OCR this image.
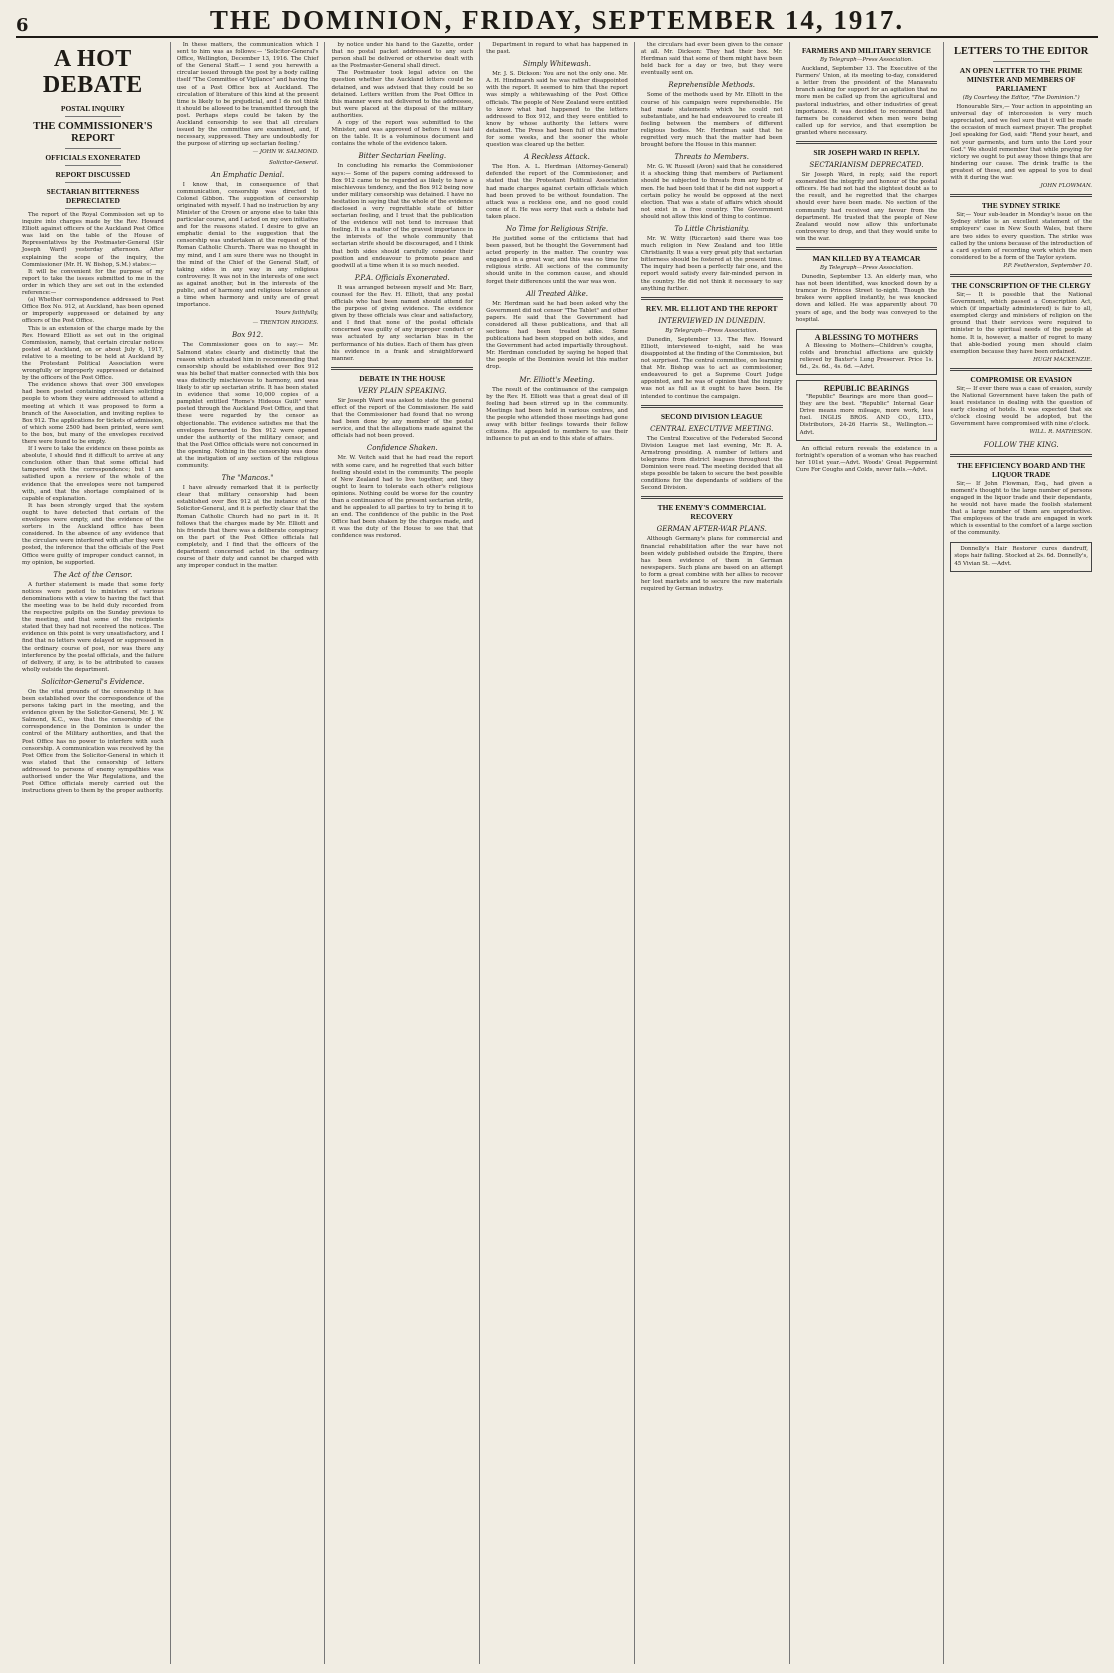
6	THE DOMINION, FRIDAY, SEPTEMBER 14, 1917.
A HOT DEBATE
POSTAL INQUIRY
THE COMMISSIONER'S REPORT
OFFICIALS EXONERATED
REPORT DISCUSSED
SECTARIAN BITTERNESS DEPRECIATED

The report of the Royal Commission set up to inquire into charges made by the Rev. Howard Elliott against officers of the Auckland Post Office was laid on the table of the House of Representatives by the Postmaster-General (Sir Joseph Ward) yesterday afternoon. After explaining the scope of the inquiry, the Commissioner (Mr. H. W. Bishop, S.M.) states:—

It will be convenient for the purpose of my report to take the issues submitted to me in the order in which they are set out in the extended reference:—

(a) Whether correspondence addressed to Post Office Box No. 912, at Auckland, has been opened or improperly suppressed or detained by any officers of the Post Office.

This is an extension of the charge made by the Rev. Howard Elliott as set out in the original Commission, namely, that certain circular notices posted at Auckland, on or about July 6, 1917, relative to a meeting to be held at Auckland by the Protestant Political Association were wrongfully or improperly suppressed or detained by the officers of the Post Office.

The evidence shows that over 300 envelopes had been posted containing circulars soliciting people to whom they were addressed to attend a meeting at which it was proposed to form a branch of the Association, and inviting replies to Box 912. The applications for tickets of admission, of which some 2500 had been printed, were sent to the box, but many of the envelopes received there were found to be empty.

If I were to take the evidence on these points as absolute, I should find it difficult to arrive at any conclusion other than that some official had tampered with the correspondence; but I am satisfied upon a review of the whole of the evidence that the envelopes were not tampered with, and that the shortage complained of is capable of explanation.

It has been strongly urged that the system ought to have detected that certain of the envelopes were empty, and the evidence of the sorters in the Auckland office has been considered. In the absence of any evidence that the circulars were interfered with after they were posted, the inference that the officials of the Post Office were guilty of improper conduct cannot, in my opinion, be supported.

The Act of the Censor.

A further statement is made that some forty notices were posted to ministers of various denominations with a view to having the fact that the meeting was to be held duly recorded from the respective pulpits on the Sunday previous to the meeting, and that some of the recipients stated that they had not received the notices. The evidence on this point is very unsatisfactory, and I find that no letters were delayed or suppressed in the ordinary course of post, nor was there any interference by the postal officials, and the failure of delivery, if any, is to be attributed to causes wholly outside the department.

Solicitor-General's Evidence.

On the vital grounds of the censorship it has been established over the correspondence of the persons taking part in the meeting, and the evidence given by the Solicitor-General, Mr. J. W. Salmond, K.C., was that the censorship of the correspondence in the Dominion is under the control of the Military authorities, and that the Post Office has no power to interfere with such censorship. A communication was received by the Post Office from the Solicitor-General in which it was stated that the censorship of letters addressed to persons of enemy sympathies was authorised under the War Regulations, and the Post Office officials merely carried out the instructions given to them by the proper authority.

In these matters, the communication which I sent to him was as follows:— 'Solicitor-General's Office, Wellington, December 13, 1916. The Chief of the General Staff.— I send you herewith a circular issued through the post by a body calling itself "The Committee of Vigilance" and having the use of a Post Office box at Auckland. The circulation of literature of this kind at the present time is likely to be prejudicial, and I do not think it should be allowed to be transmitted through the post. Perhaps steps could be taken by the Auckland censorship to see that all circulars issued by the committee are examined, and, if necessary, suppressed. They are undoubtedly for the purpose of stirring up sectarian feeling.'

— JOHN W. SALMOND.
Solicitor-General.
An Emphatic Denial.

I know that, in consequence of that communication, censorship was directed to Colonel Gibbon. The suggestion of censorship originated with myself. I had no instruction by any Minister of the Crown or anyone else to take this particular course, and I acted on my own initiative and for the reasons stated. I desire to give an emphatic denial to the suggestion that the censorship was undertaken at the request of the Roman Catholic Church. There was no thought in my mind, and I am sure there was no thought in the mind of the Chief of the General Staff, of taking sides in any way in any religious controversy. It was not in the interests of one sect as against another, but in the interests of the public, and of harmony and religious tolerance at a time when harmony and unity are of great importance.

Yours faithfully,
— TRENTON RHODES.
Box 912.

The Commissioner goes on to say:— Mr. Salmond states clearly and distinctly that the reason which actuated him in recommending that censorship should be established over Box 912 was his belief that matter connected with this box was distinctly mischievous to harmony, and was likely to stir up sectarian strife. It has been stated in evidence that some 10,000 copies of a pamphlet entitled "Rome's Hideous Guilt" were posted through the Auckland Post Office, and that these were regarded by the censor as objectionable. The evidence satisfies me that the envelopes forwarded to Box 912 were opened under the authority of the military censor, and that the Post Office officials were not concerned in the opening. Nothing in the censorship was done at the instigation of any section of the religious community.

The "Mancos."

I have already remarked that it is perfectly clear that military censorship had been established over Box 912 at the instance of the Solicitor-General, and it is perfectly clear that the Roman Catholic Church had no part in it. It follows that the charges made by Mr. Elliott and his friends that there was a deliberate conspiracy on the part of the Post Office officials fail completely, and I find that the officers of the department concerned acted in the ordinary course of their duty and cannot be charged with any improper conduct in the matter.

by notice under his hand to the Gazette, order that no postal packet addressed to any such person shall be delivered or otherwise dealt with as the Postmaster-General shall direct.

The Postmaster took legal advice on the question whether the Auckland letters could be detained, and was advised that they could be so detained. Letters written from the Post Office in this manner were not delivered to the addressee, but were placed at the disposal of the military authorities.

A copy of the report was submitted to the Minister, and was approved of before it was laid on the table. It is a voluminous document and contains the whole of the evidence taken.

Bitter Sectarian Feeling.

In concluding his remarks the Commissioner says:— Some of the papers coming addressed to Box 912 came to be regarded as likely to have a mischievous tendency, and the Box 912 being now under military censorship was detained. I have no hesitation in saying that the whole of the evidence disclosed a very regrettable state of bitter sectarian feeling, and I trust that the publication of the evidence will not tend to increase that feeling. It is a matter of the gravest importance in the interests of the whole community that sectarian strife should be discouraged, and I think that both sides should carefully consider their position and endeavour to promote peace and goodwill at a time when it is so much needed.

P.P.A. Officials Exonerated.

It was arranged between myself and Mr. Barr, counsel for the Rev. H. Elliott, that any postal officials who had been named should attend for the purpose of giving evidence. The evidence given by these officials was clear and satisfactory, and I find that none of the postal officials concerned was guilty of any improper conduct or was actuated by any sectarian bias in the performance of his duties. Each of them has given his evidence in a frank and straightforward manner.

DEBATE IN THE HOUSE
VERY PLAIN SPEAKING.

Sir Joseph Ward was asked to state the general effect of the report of the Commissioner. He said that the Commissioner had found that no wrong had been done by any member of the postal service, and that the allegations made against the officials had not been proved.

Confidence Shaken.

Mr. W. Veitch said that he had read the report with some care, and he regretted that such bitter feeling should exist in the community. The people of New Zealand had to live together, and they ought to learn to tolerate each other's religious opinions. Nothing could be worse for the country than a continuance of the present sectarian strife, and he appealed to all parties to try to bring it to an end. The confidence of the public in the Post Office had been shaken by the charges made, and it was the duty of the House to see that that confidence was restored.

Department in regard to what has happened in the past.

Simply Whitewash.

Mr. J. S. Dickson: You are not the only one. Mr. A. H. Hindmarsh said he was rather disappointed with the report. It seemed to him that the report was simply a whitewashing of the Post Office officials. The people of New Zealand were entitled to know what had happened to the letters addressed to Box 912, and they were entitled to know by whose authority the letters were detained. The Press had been full of this matter for some weeks, and the sooner the whole question was cleared up the better.

A Reckless Attack.

The Hon. A. L. Herdman (Attorney-General) defended the report of the Commissioner, and stated that the Protestant Political Association had made charges against certain officials which had been proved to be without foundation. The attack was a reckless one, and no good could come of it. He was sorry that such a debate had taken place.

No Time for Religious Strife.

He justified some of the criticisms that had been passed, but he thought the Government had acted properly in the matter. The country was engaged in a great war, and this was no time for religious strife. All sections of the community should unite in the common cause, and should forget their differences until the war was won.

All Treated Alike.

Mr. Herdman said he had been asked why the Government did not censor "The Tablet" and other papers. He said that the Government had considered all these publications, and that all sections had been treated alike. Some publications had been stopped on both sides, and the Government had acted impartially throughout. Mr. Herdman concluded by saying he hoped that the people of the Dominion would let this matter drop.

Mr. Elliott's Meeting.

The result of the continuance of the campaign by the Rev. H. Elliott was that a great deal of ill feeling had been stirred up in the community. Meetings had been held in various centres, and the people who attended those meetings had gone away with bitter feelings towards their fellow citizens. He appealed to members to use their influence to put an end to this state of affairs.

the circulars had ever been given to the censor at all. Mr. Dickson: They had their box. Mr. Herdman said that some of them might have been held back for a day or two, but they were eventually sent on.

Reprehensible Methods.

Some of the methods used by Mr. Elliott in the course of his campaign were reprehensible. He had made statements which he could not substantiate, and he had endeavoured to create ill feeling between the members of different religious bodies. Mr. Herdman said that he regretted very much that the matter had been brought before the House in this manner.

Threats to Members.

Mr. G. W. Russell (Avon) said that he considered it a shocking thing that members of Parliament should be subjected to threats from any body of men. He had been told that if he did not support a certain policy he would be opposed at the next election. That was a state of affairs which should not exist in a free country. The Government should not allow this kind of thing to continue.

To Little Christianity.

Mr. W. Witty (Riccarton) said there was too much religion in New Zealand and too little Christianity. It was a very great pity that sectarian bitterness should be fostered at the present time. The inquiry had been a perfectly fair one, and the report would satisfy every fair-minded person in the country. He did not think it necessary to say anything further.

REV. MR. ELLIOT AND THE REPORT
INTERVIEWED IN DUNEDIN.
By Telegraph—Press Association.

Dunedin, September 13. The Rev. Howard Elliott, interviewed to-night, said he was disappointed at the finding of the Commission, but not surprised. The central committee, on learning that Mr. Bishop was to act as commissioner, endeavoured to get a Supreme Court Judge appointed, and he was of opinion that the inquiry was not as full as it ought to have been. He intended to continue the campaign.

SECOND DIVISION LEAGUE
CENTRAL EXECUTIVE MEETING.

The Central Executive of the Federated Second Division League met last evening, Mr. R. A. Armstrong presiding. A number of letters and telegrams from district leagues throughout the Dominion were read. The meeting decided that all steps possible be taken to secure the best possible conditions for the dependants of soldiers of the Second Division.

THE ENEMY'S COMMERCIAL RECOVERY
GERMAN AFTER-WAR PLANS.

Although Germany's plans for commercial and financial rehabilitation after the war have not been widely published outside the Empire, there has been evidence of them in German newspapers. Such plans are based on an attempt to form a great combine with her allies to recover her lost markets and to secure the raw materials required by German industry.

FARMERS AND MILITARY SERVICE
By Telegraph—Press Association.

Auckland, September 13. The Executive of the Farmers' Union, at its meeting to-day, considered a letter from the president of the Manawatu branch asking for support for an agitation that no more men be called up from the agricultural and pastoral industries, and other industries of great importance. It was decided to recommend that farmers be considered when men were being called up for service, and that exemption be granted where necessary.

SIR JOSEPH WARD IN REPLY.
SECTARIANISM DEPRECATED.

Sir Joseph Ward, in reply, said the report exonerated the integrity and honour of the postal officers. He had not had the slightest doubt as to the result, and he regretted that the charges should ever have been made. No section of the community had received any favour from the department. He trusted that the people of New Zealand would now allow this unfortunate controversy to drop, and that they would unite to win the war.

MAN KILLED BY A TEAMCAR
By Telegraph—Press Association.

Dunedin, September 13. An elderly man, who has not been identified, was knocked down by a tramcar in Princes Street to-night. Though the brakes were applied instantly, he was knocked down and killed. He was apparently about 70 years of age, and the body was conveyed to the hospital.

A BLESSING TO MOTHERS

A Blessing to Mothers—Children's coughs, colds and bronchial affections are quickly relieved by Baxter's Lung Preserver. Price 1s. 6d., 2s. 6d., 4s. 6d. —Advt.

REPUBLIC BEARINGS

"Republic" Bearings are more than good—they are the best. "Republic" Internal Gear Drive means more mileage, more work, less fuel. INGLIS BROS. AND CO., LTD., Distributors, 24-26 Harris St., Wellington.—Advt.

An official return reveals the existence in a fortnight's operation of a woman who has reached her 101st year.—Advt. Woods' Great Peppermint Cure For Coughs and Colds, never fails.—Advt.

LETTERS TO THE EDITOR
AN OPEN LETTER TO THE PRIME MINISTER AND MEMBERS OF PARLIAMENT
(By Courtesy the Editor, "The Dominion.")

Honourable Sirs,— Your action in appointing an universal day of intercession is very much appreciated, and we feel sure that it will be made the occasion of much earnest prayer. The prophet Joel speaking for God, said: "Rend your heart, and not your garments, and turn unto the Lord your God." We should remember that while praying for victory we ought to put away those things that are hindering our cause. The drink traffic is the greatest of these, and we appeal to you to deal with it during the war.

JOHN FLOWMAN.
THE SYDNEY STRIKE

Sir,— Your sub-leader in Monday's issue on the Sydney strike is an excellent statement of the employers' case in New South Wales, but there are two sides to every question. The strike was called by the unions because of the introduction of a card system of recording work which the men considered to be a form of the Taylor system.

P.P. Featherston, September 10.
THE CONSCRIPTION OF THE CLERGY

Sir,— It is possible that the National Government, which passed a Conscription Act, which (if impartially administered) is fair to all, exempted clergy and ministers of religion on the ground that their services were required to minister to the spiritual needs of the people at home. It is, however, a matter of regret to many that able-bodied young men should claim exemption because they have been ordained.

HUGH MACKENZIE.
COMPROMISE OR EVASION

Sir,— If ever there was a case of evasion, surely the National Government have taken the path of least resistance in dealing with the question of early closing of hotels. It was expected that six o'clock closing would be adopted, but the Government have compromised with nine o'clock.

WILL. R. MATHESON.
FOLLOW THE KING.
THE EFFICIENCY BOARD AND THE LIQUOR TRADE

Sir,— If John Flowman, Esq., had given a moment's thought to the large number of persons engaged in the liquor trade and their dependants, he would not have made the foolish statement that a large number of them are unproductive. The employees of the trade are engaged in work which is essential to the comfort of a large section of the community.

Donnelly's Hair Restorer cures dandruff, stops hair falling. Stocked at 2s. 6d. Donnelly's, 45 Vivian St. —Advt.
